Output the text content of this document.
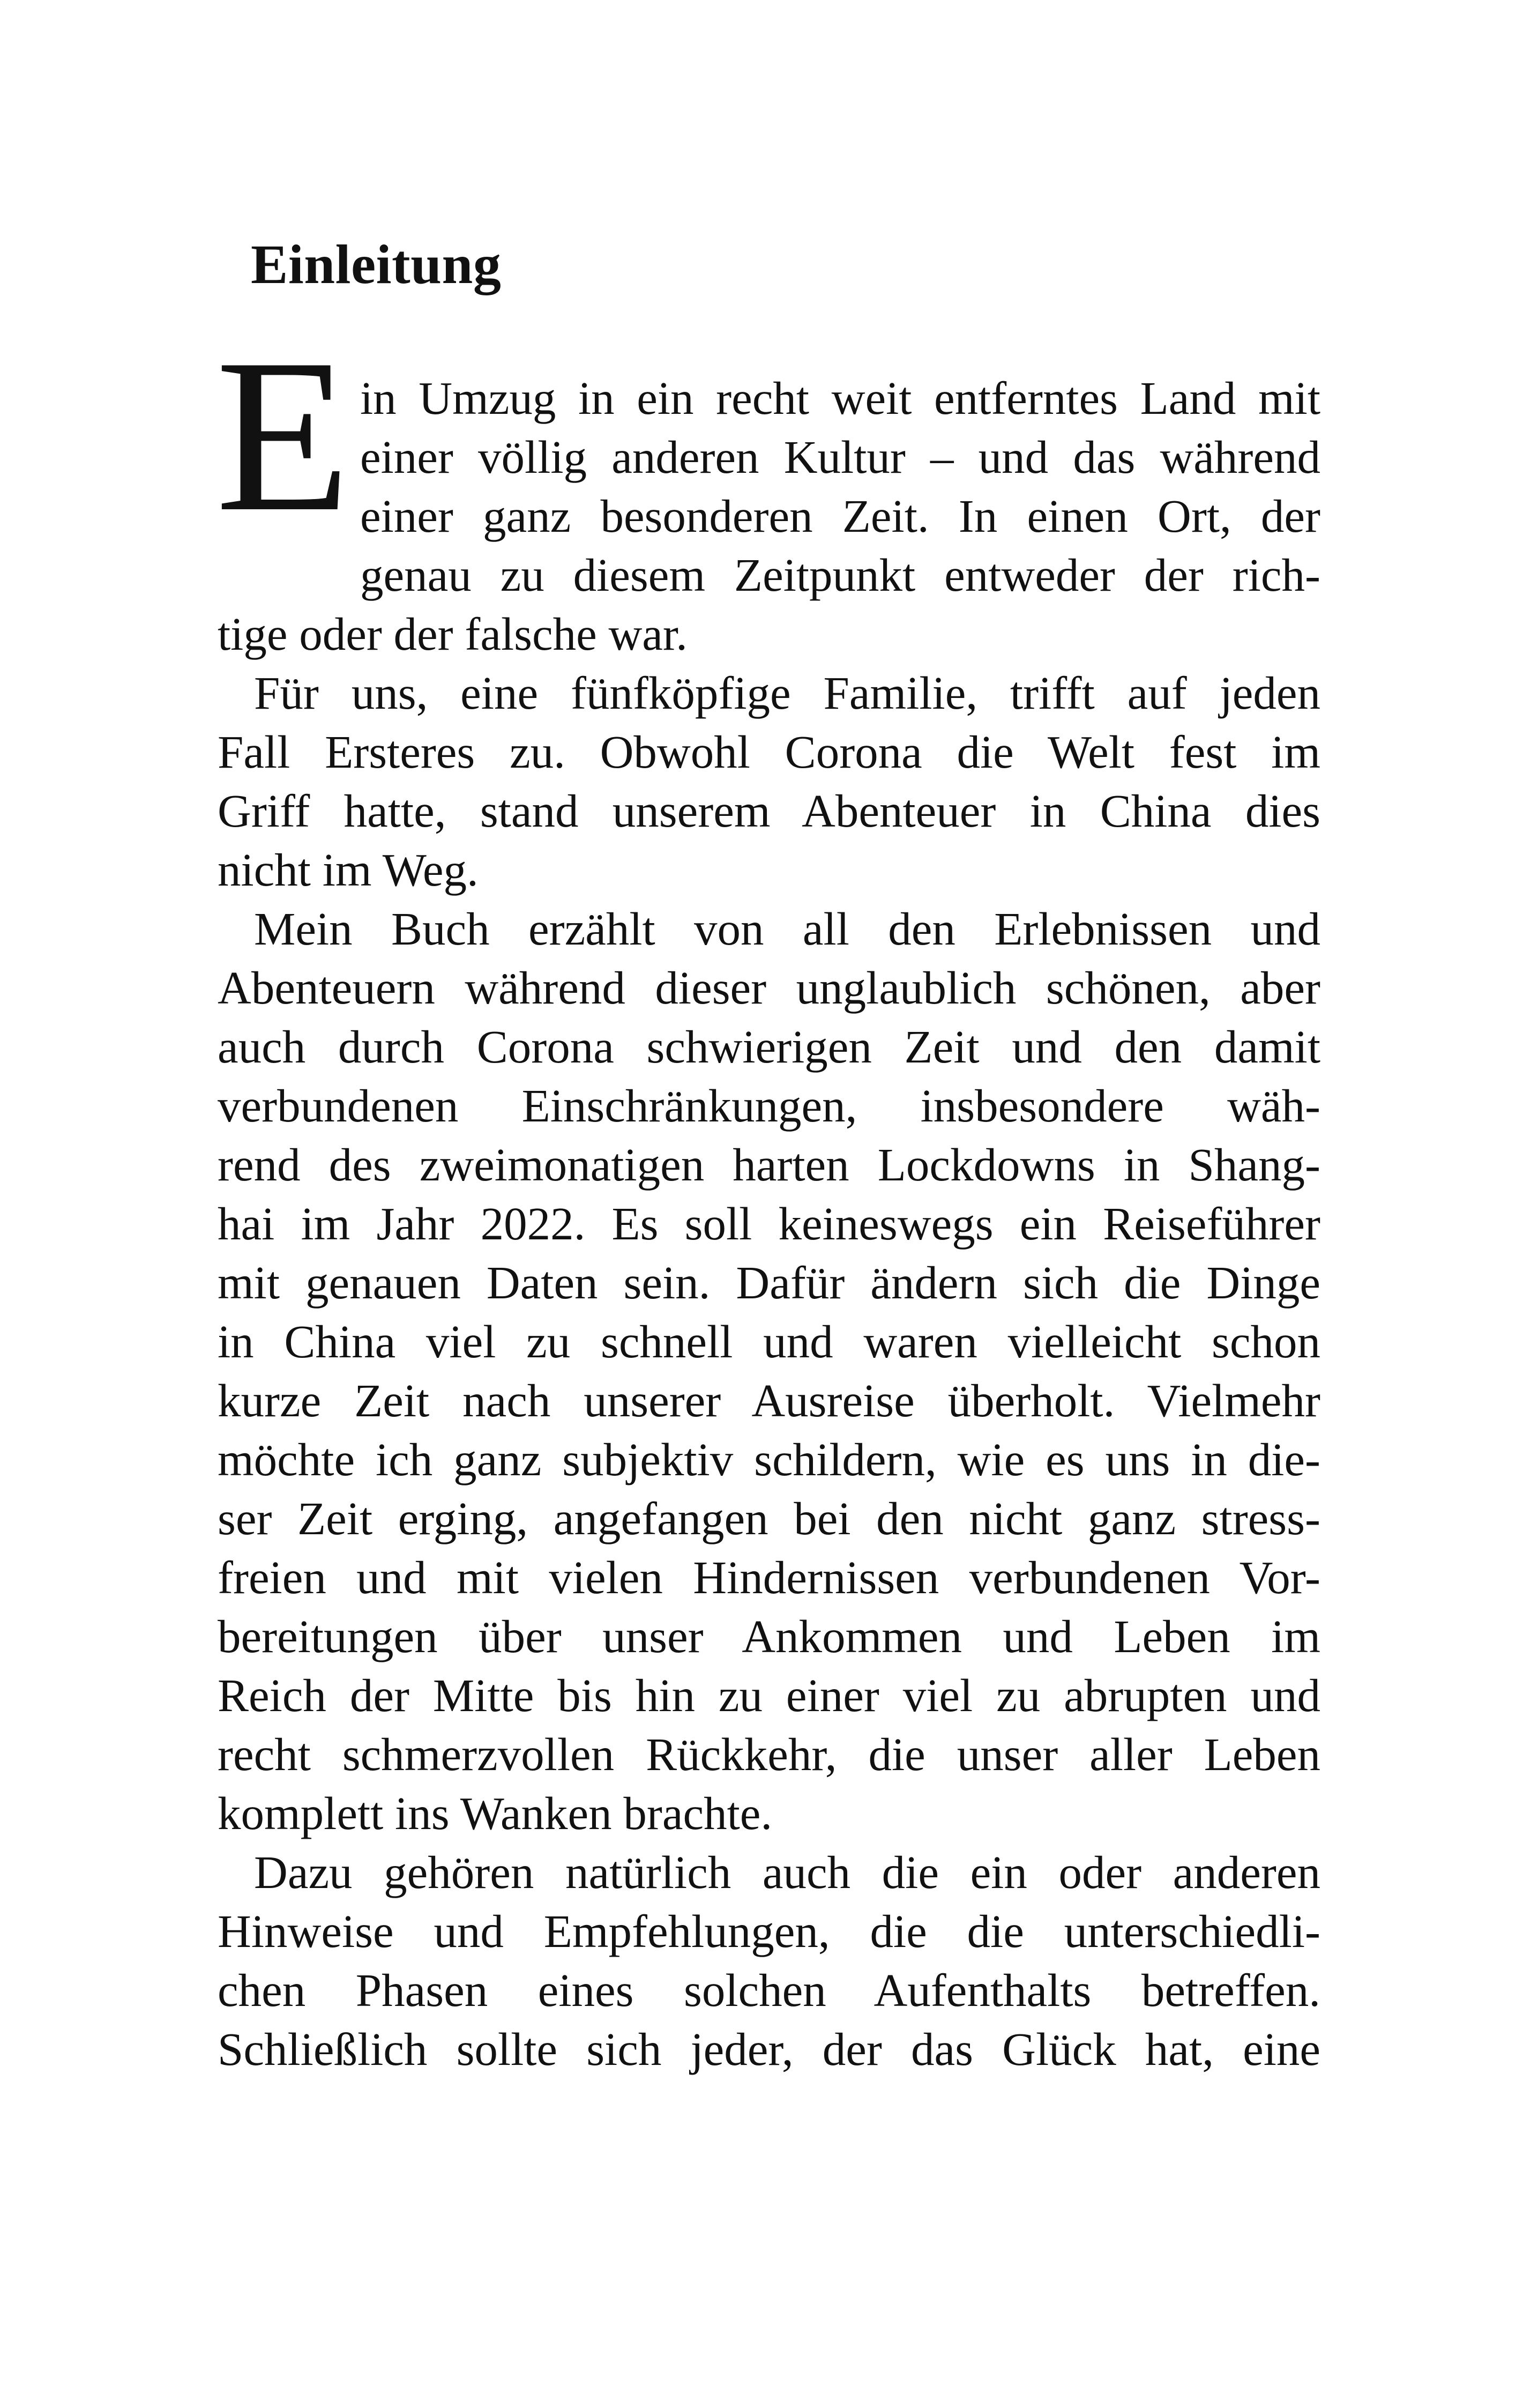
Einleitung
E in Umzug in ein recht weit entferntes Land mit

einer völlig anderen Kultur – und das während

einer ganz besonderen Zeit. In einen Ort, der

genau zu diesem Zeitpunkt entweder der rich-

tige oder der falsche war.

Für uns, eine fünfköpfige Familie, trifft auf jeden

Fall Ersteres zu. Obwohl Corona die Welt fest im

Griff hatte, stand unserem Abenteuer in China dies

nicht im Weg.

Mein Buch erzählt von all den Erlebnissen und

Abenteuern während dieser unglaublich schönen, aber

auch durch Corona schwierigen Zeit und den damit

verbundenen Einschränkungen, insbesondere wäh-

rend des zweimonatigen harten Lockdowns in Shang-

hai im Jahr 2022. Es soll keineswegs ein Reiseführer

mit genauen Daten sein. Dafür ändern sich die Dinge

in China viel zu schnell und waren vielleicht schon

kurze Zeit nach unserer Ausreise überholt. Vielmehr

möchte ich ganz subjektiv schildern, wie es uns in die-

ser Zeit erging, angefangen bei den nicht ganz stress-

freien und mit vielen Hindernissen verbundenen Vor-

bereitungen über unser Ankommen und Leben im

Reich der Mitte bis hin zu einer viel zu abrupten und

recht schmerzvollen Rückkehr, die unser aller Leben

komplett ins Wanken brachte.

Dazu gehören natürlich auch die ein oder anderen

Hinweise und Empfehlungen, die die unterschiedli-

chen Phasen eines solchen Aufenthalts betreffen.

Schließlich sollte sich jeder, der das Glück hat, eine
